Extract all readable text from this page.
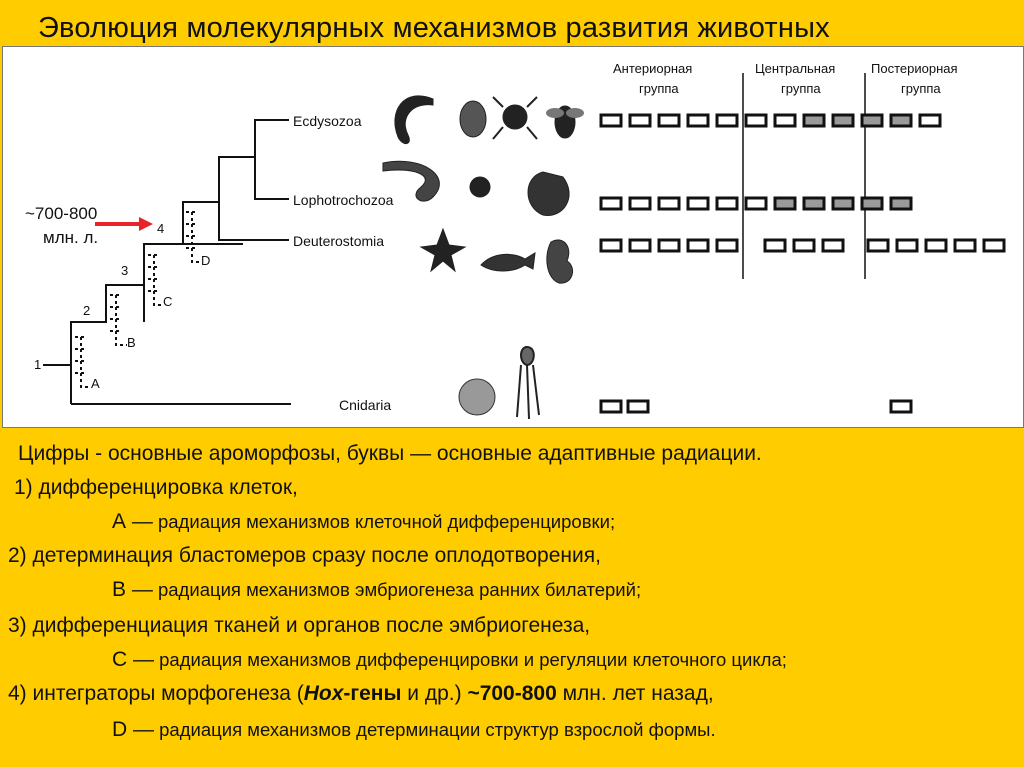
Эволюция молекулярных механизмов развития животных
1
2
3
4
A
B
C
D
~700-800
млн. л.
Ecdysozoa
Lophotrochozoa
Deuterostomia
Cnidaria
Антериорная
группа
Центральная
группа
Постериорная
группа
Цифры - основные ароморфозы, буквы — основные адаптивные радиации.
1) дифференцировка клеток,
А — радиация механизмов клеточной дифференцировки;
2) детерминация бластомеров сразу после оплодотворения,
В — радиация механизмов эмбриогенеза ранних билатерий;
3) дифференциация тканей и органов после эмбриогенеза,
С — радиация механизмов дифференцировки и регуляции клеточного цикла;
4) интеграторы морфогенеза (Hox-гены и др.) ~700-800 млн. лет назад,
D — радиация механизмов детерминации структур взрослой формы.
